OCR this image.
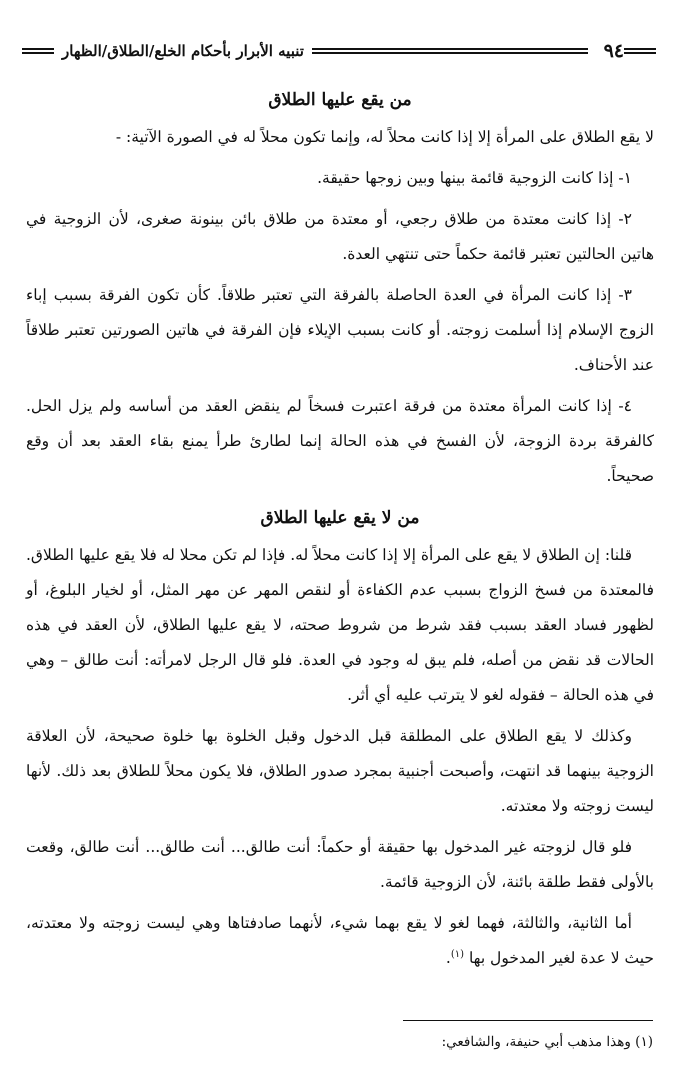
٩٤
تنبيه الأبرار بأحكام الخلع/الطلاق/الظهار
من يقع عليها الطلاق

لا يقع الطلاق على المرأة إلا إذا كانت محلاً له، وإنما تكون محلاً له في الصورة الآتية: -

١- إذا كانت الزوجية قائمة بينها وبين زوجها حقيقة.

٢- إذا كانت معتدة من طلاق رجعي، أو معتدة من طلاق بائن بينونة صغرى، لأن الزوجية في هاتين الحالتين تعتبر قائمة حكماً حتى تنتهي العدة.

٣- إذا كانت المرأة في العدة الحاصلة بالفرقة التي تعتبر طلاقاً. كأن تكون الفرقة بسبب إباء الزوج الإسلام إذا أسلمت زوجته. أو كانت بسبب الإيلاء فإن الفرقة في هاتين الصورتين تعتبر طلاقاً عند الأحناف.

٤- إذا كانت المرأة معتدة من فرقة اعتبرت فسخاً لم ينقض العقد من أساسه ولم يزل الحل. كالفرقة بردة الزوجة، لأن الفسخ في هذه الحالة إنما لطارئ طرأ يمنع بقاء العقد بعد أن وقع صحيحاً.

من لا يقع عليها الطلاق

قلنا: إن الطلاق لا يقع على المرأة إلا إذا كانت محلاً له. فإذا لم تكن محلا له فلا يقع عليها الطلاق. فالمعتدة من فسخ الزواج بسبب عدم الكفاءة أو لنقص المهر عن مهر المثل، أو لخيار البلوغ، أو لظهور فساد العقد بسبب فقد شرط من شروط صحته، لا يقع عليها الطلاق، لأن العقد في هذه الحالات قد نقض من أصله، فلم يبق له وجود في العدة. فلو قال الرجل لامرأته: أنت طالق – وهي في هذه الحالة – فقوله لغو لا يترتب عليه أي أثر.

وكذلك لا يقع الطلاق على المطلقة قبل الدخول وقبل الخلوة بها خلوة صحيحة، لأن العلاقة الزوجية بينهما قد انتهت، وأصبحت أجنبية بمجرد صدور الطلاق، فلا يكون محلاً للطلاق بعد ذلك. لأنها ليست زوجته ولا معتدته.

فلو قال لزوجته غير المدخول بها حقيقة أو حكماً: أنت طالق... أنت طالق... أنت طالق، وقعت بالأولى فقط طلقة بائنة، لأن الزوجية قائمة.

أما الثانية، والثالثة، فهما لغو لا يقع بهما شيء، لأنهما صادفتاها وهي ليست زوجته ولا معتدته، حيث لا عدة لغير المدخول بها $^{(١)}$.

(١) وهذا مذهب أبي حنيفة، والشافعي:
